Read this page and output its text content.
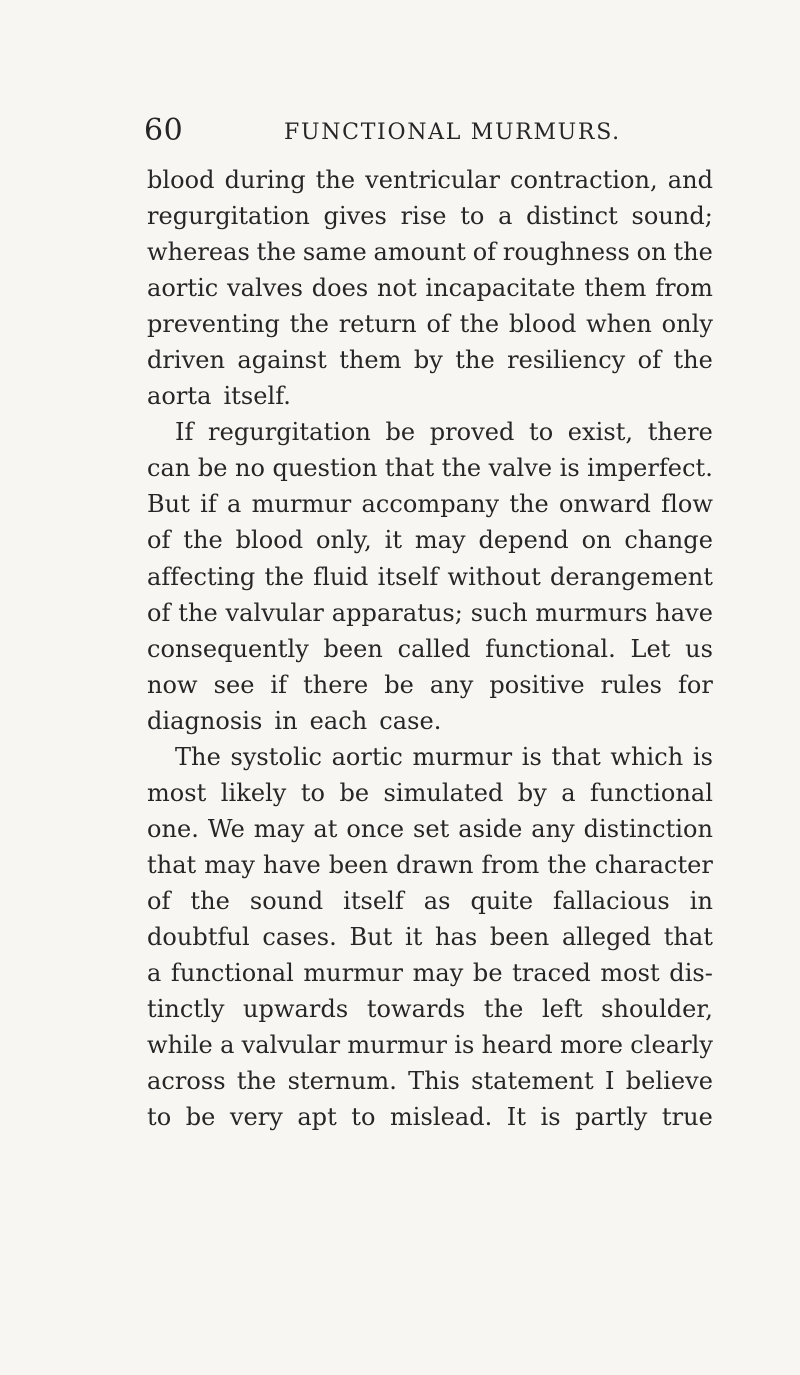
60	FUNCTIONAL MURMURS.
blood during the ventricular contraction, and
regurgitation gives rise to a distinct sound;
whereas the same amount of roughness on the
aortic valves does not incapacitate them from
preventing the return of the blood when only
driven against them by the resiliency of the
aorta itself.
If regurgitation be proved to exist, there
can be no question that the valve is imperfect.
But if a murmur accompany the onward flow
of the blood only, it may depend on change
affecting the fluid itself without derangement
of the valvular apparatus; such murmurs have
consequently been called functional. Let us
now see if there be any positive rules for
diagnosis in each case.
The systolic aortic murmur is that which is
most likely to be simulated by a functional
one. We may at once set aside any distinction
that may have been drawn from the character
of the sound itself as quite fallacious in
doubtful cases. But it has been alleged that
a functional murmur may be traced most dis-
tinctly upwards towards the left shoulder,
while a valvular murmur is heard more clearly
across the sternum. This statement I believe
to be very apt to mislead. It is partly true
